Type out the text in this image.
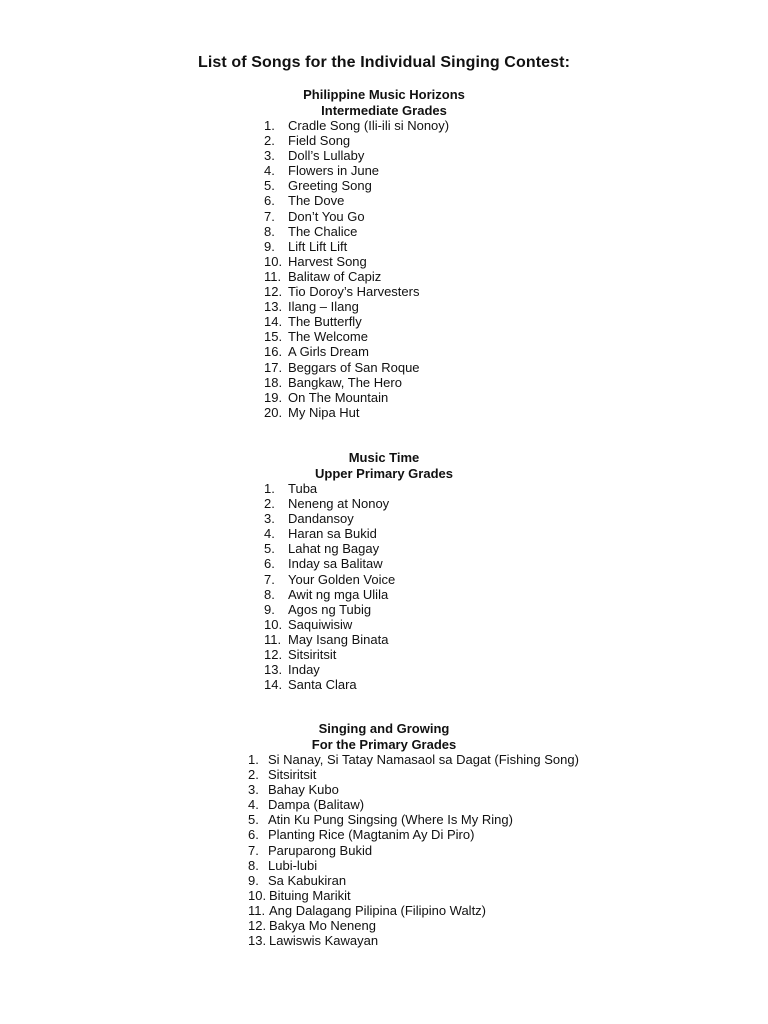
List of Songs for the Individual Singing Contest:
Philippine Music Horizons
Intermediate Grades
1. Cradle Song (Ili-ili si Nonoy)
2. Field Song
3. Doll’s Lullaby
4. Flowers in June
5. Greeting Song
6. The Dove
7. Don’t You Go
8. The Chalice
9. Lift Lift Lift
10. Harvest Song
11. Balitaw of Capiz
12. Tio Doroy’s Harvesters
13. Ilang – Ilang
14. The Butterfly
15. The Welcome
16. A Girls Dream
17. Beggars of San Roque
18. Bangkaw, The Hero
19. On The Mountain
20. My Nipa Hut
Music Time
Upper Primary Grades
1. Tuba
2. Neneng at Nonoy
3. Dandansoy
4. Haran sa Bukid
5. Lahat ng Bagay
6. Inday sa Balitaw
7. Your Golden Voice
8. Awit ng mga Ulila
9. Agos ng Tubig
10. Saquiwisiw
11. May Isang Binata
12. Sitsiritsit
13. Inday
14. Santa Clara
Singing and Growing
For the Primary Grades
1. Si Nanay, Si Tatay Namasaol sa Dagat (Fishing Song)
2. Sitsiritsit
3. Bahay Kubo
4. Dampa (Balitaw)
5. Atin Ku Pung Singsing (Where Is My Ring)
6. Planting Rice (Magtanim Ay Di Piro)
7. Paruparong Bukid
8. Lubi-lubi
9. Sa Kabukiran
10. Bituing Marikit
11. Ang Dalagang Pilipina (Filipino Waltz)
12. Bakya Mo Neneng
13. Lawiswis Kawayan
